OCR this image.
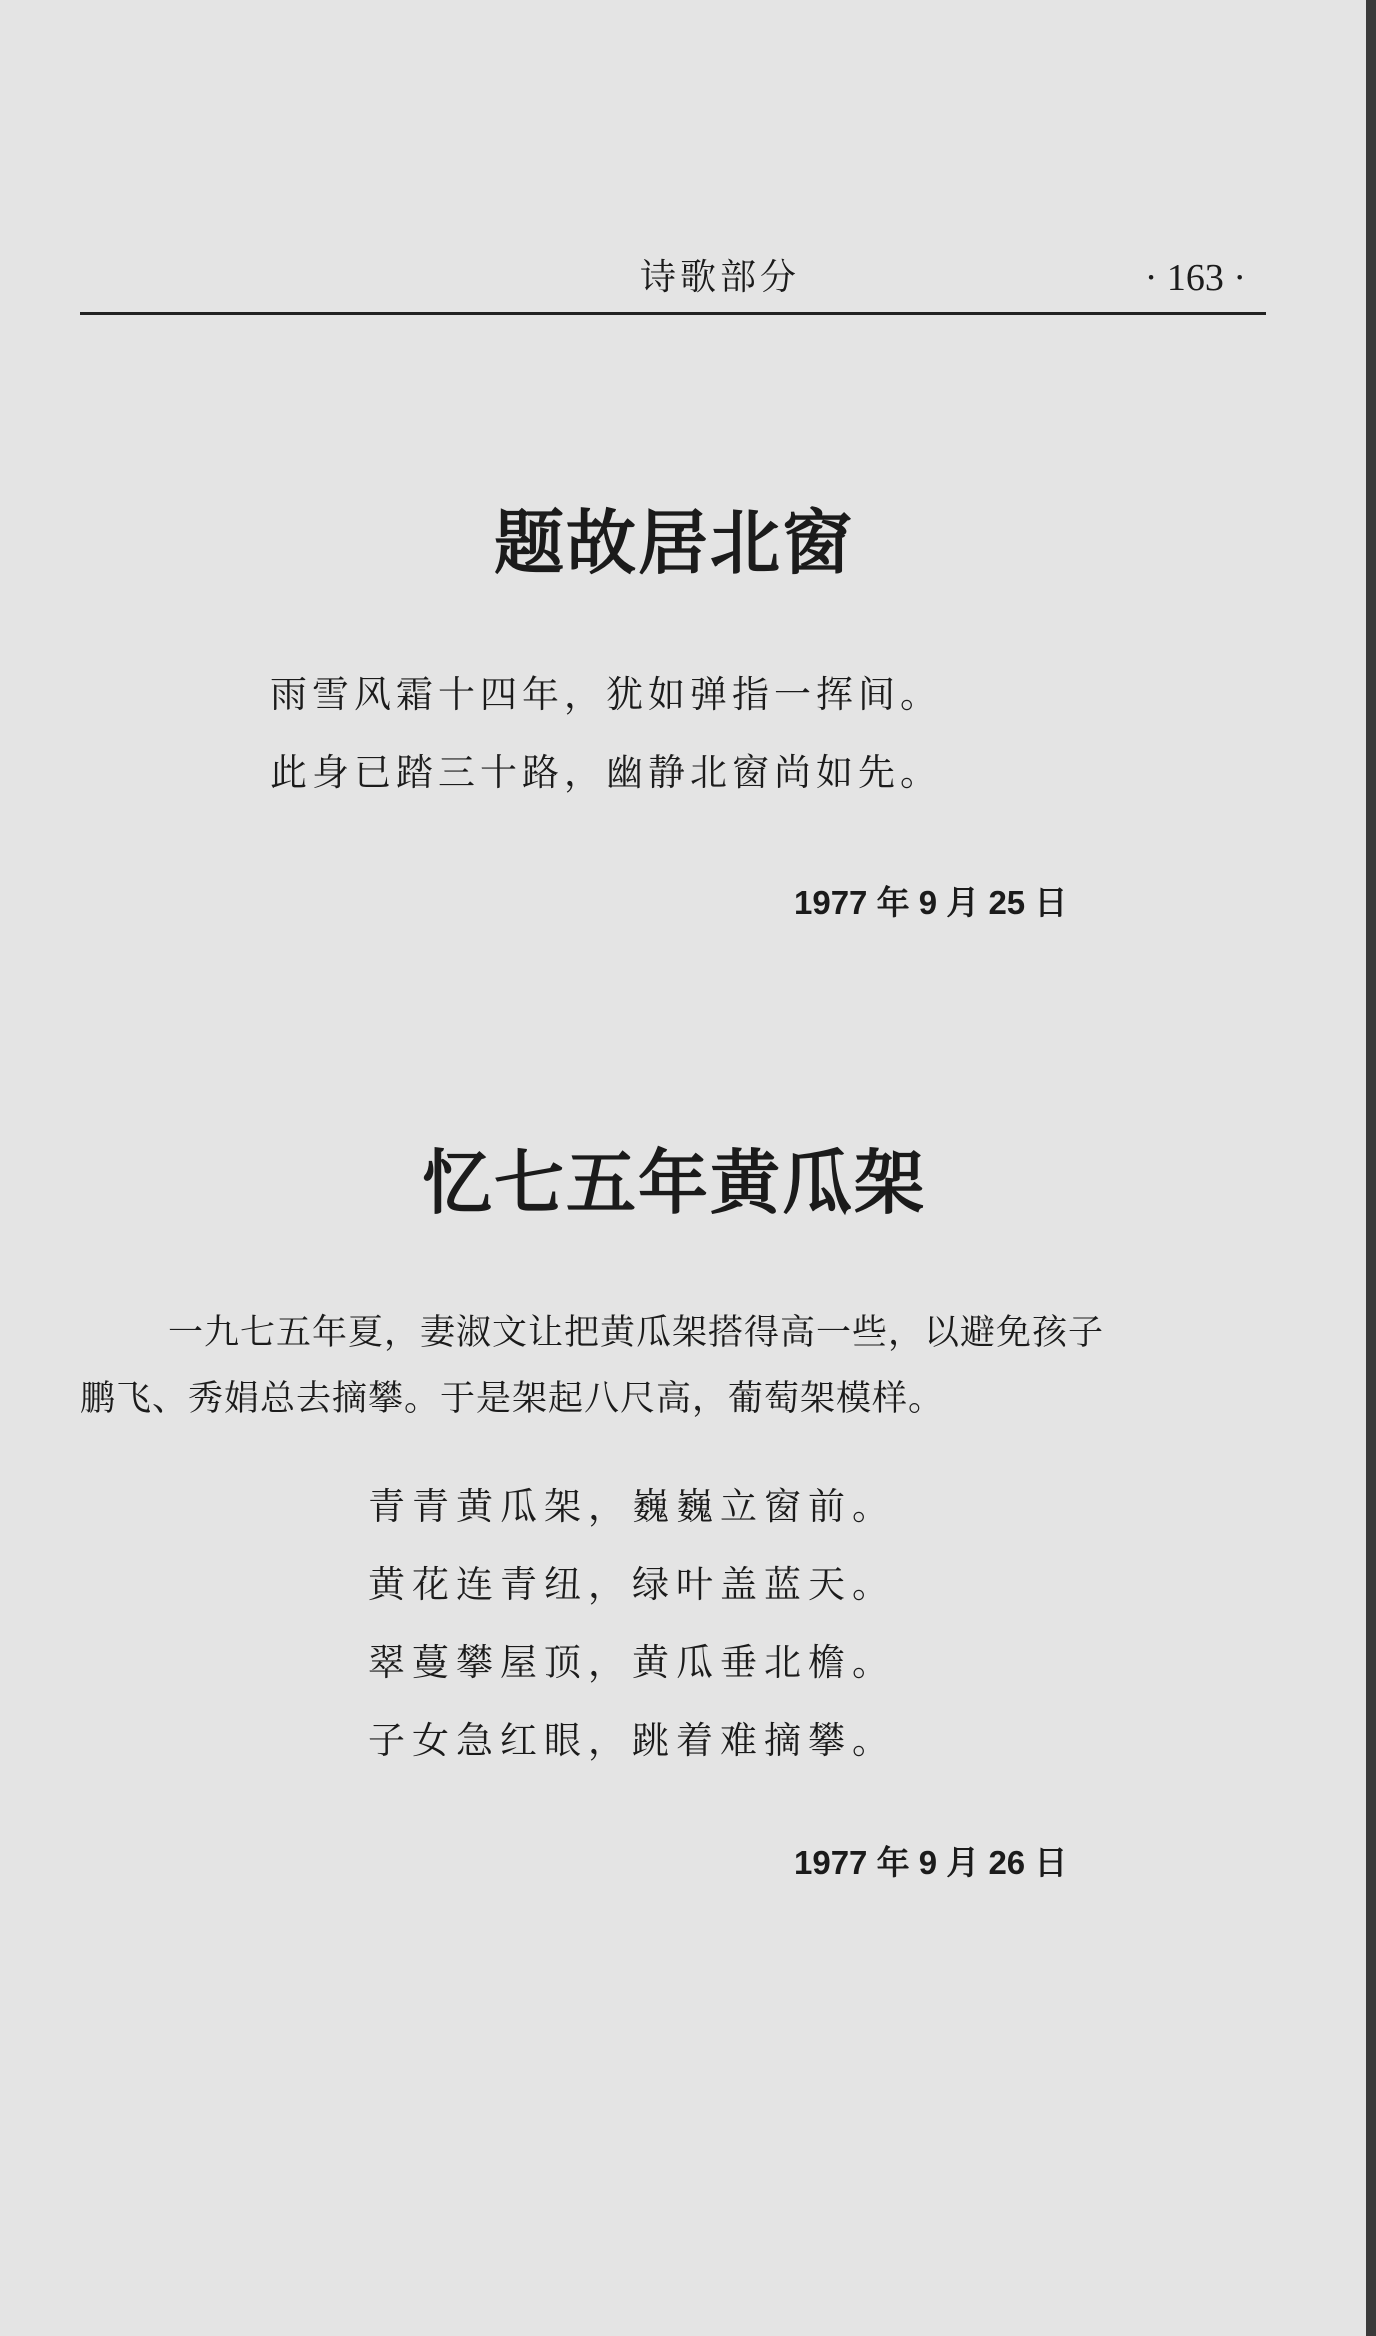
诗歌部分	· 163 ·
题故居北窗
雨雪风霜十四年，犹如弹指一挥间。
此身已踏三十路，幽静北窗尚如先。
1977 年 9 月 25 日
忆七五年黄瓜架
一九七五年夏，妻淑文让把黄瓜架搭得高一些，以避免孩子
鹏飞、秀娟总去摘攀。于是架起八尺高，葡萄架模样。
青青黄瓜架，巍巍立窗前。
黄花连青纽，绿叶盖蓝天。
翠蔓攀屋顶，黄瓜垂北檐。
子女急红眼，跳着难摘攀。
1977 年 9 月 26 日
